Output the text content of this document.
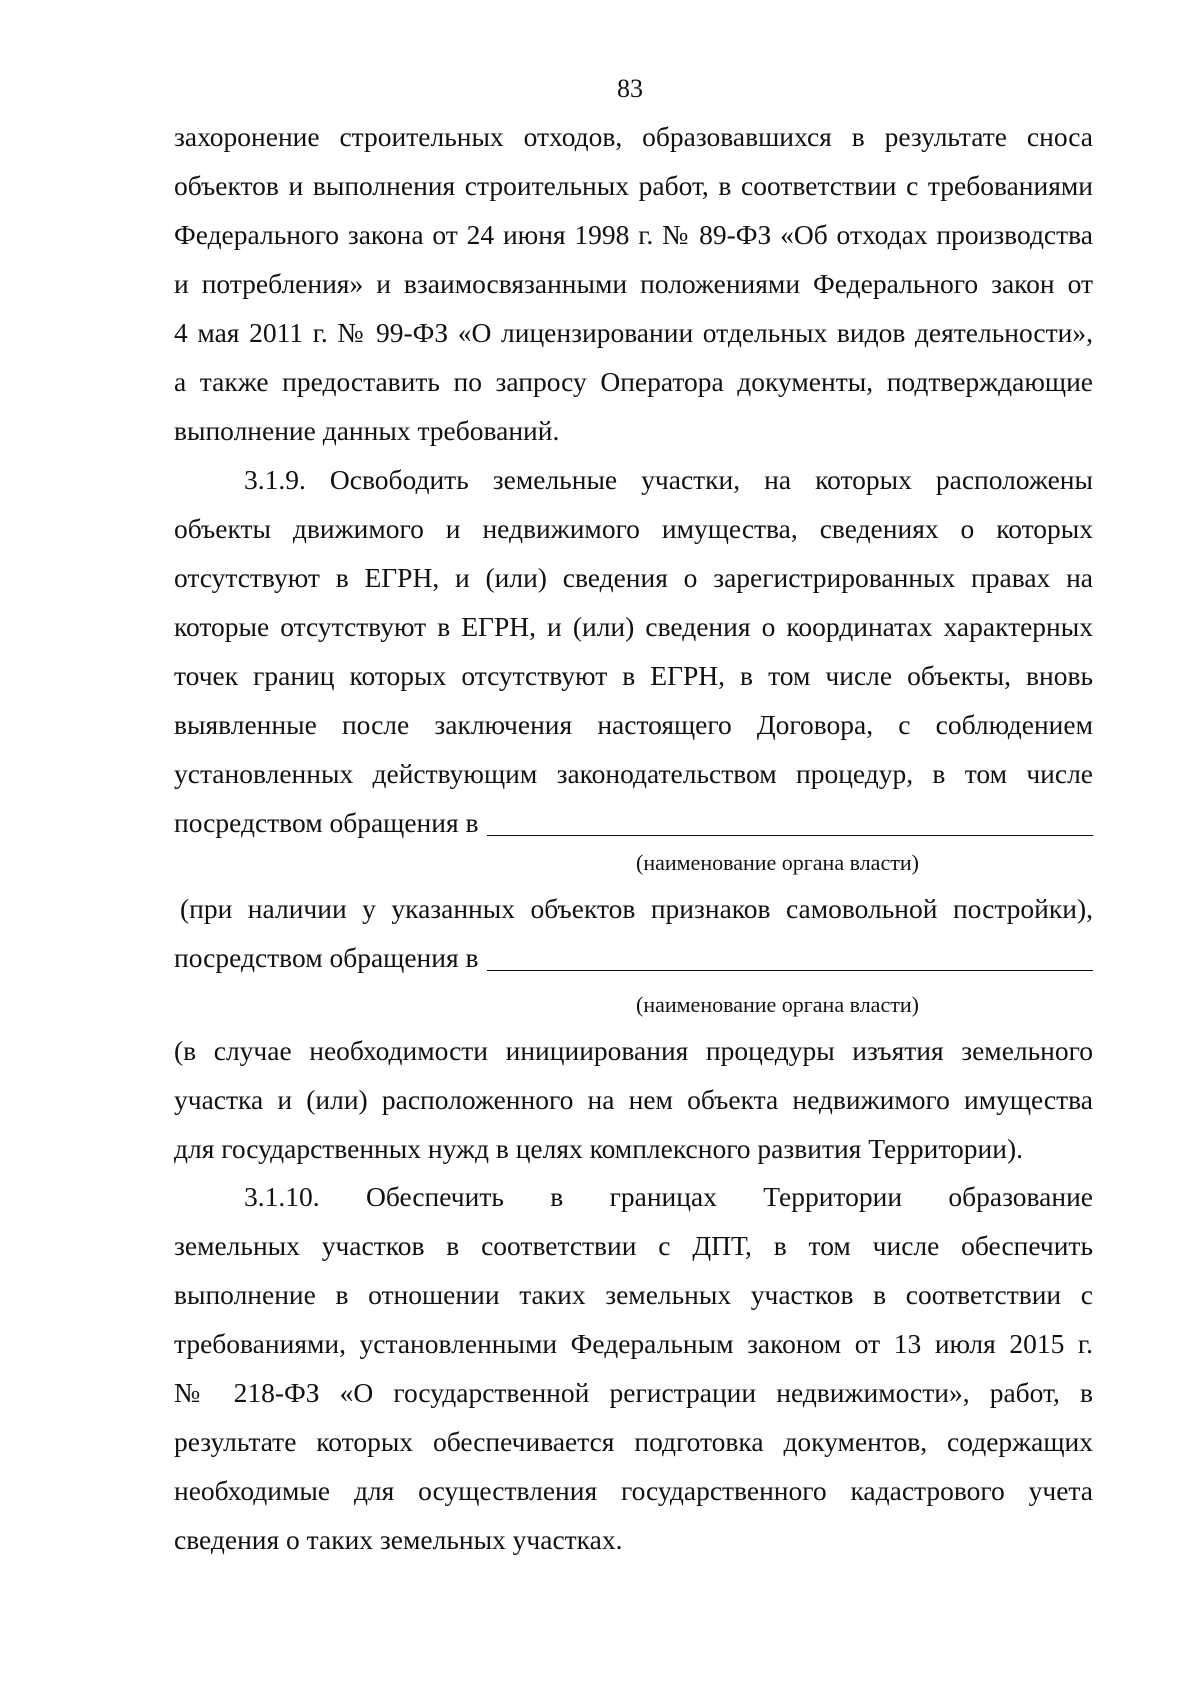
83
захоронение строительных отходов, образовавшихся в результате сноса
объектов и выполнения строительных работ, в соответствии с требованиями
Федерального закона от 24 июня 1998 г. № 89-ФЗ «Об отходах производства
и потребления» и взаимосвязанными положениями Федерального закон от
4 мая 2011 г. № 99-ФЗ «О лицензировании отдельных видов деятельности»,
а также предоставить по запросу Оператора документы, подтверждающие
выполнение данных требований.
3.1.9. Освободить земельные участки, на которых расположены
объекты движимого и недвижимого имущества, сведениях о которых
отсутствуют в ЕГРН, и (или) сведения о зарегистрированных правах на
которые отсутствуют в ЕГРН, и (или) сведения о координатах характерных
точек границ которых отсутствуют в ЕГРН, в том числе объекты, вновь
выявленные после заключения настоящего Договора, с соблюдением
установленных действующим законодательством процедур, в том числе
посредством обращения в
(наименование органа власти)
(при наличии у указанных объектов признаков самовольной постройки),
посредством обращения в
(наименование органа власти)
(в случае необходимости инициирования процедуры изъятия земельного
участка и (или) расположенного на нем объекта недвижимого имущества
для государственных нужд в целях комплексного развития Территории).
3.1.10. Обеспечить в границах Территории образование
земельных участков в соответствии с ДПТ, в том числе обеспечить
выполнение в отношении таких земельных участков в соответствии с
требованиями, установленными Федеральным законом от 13 июля 2015 г.
№ 218-ФЗ «О государственной регистрации недвижимости», работ, в
результате которых обеспечивается подготовка документов, содержащих
необходимые для осуществления государственного кадастрового учета
сведения о таких земельных участках.
